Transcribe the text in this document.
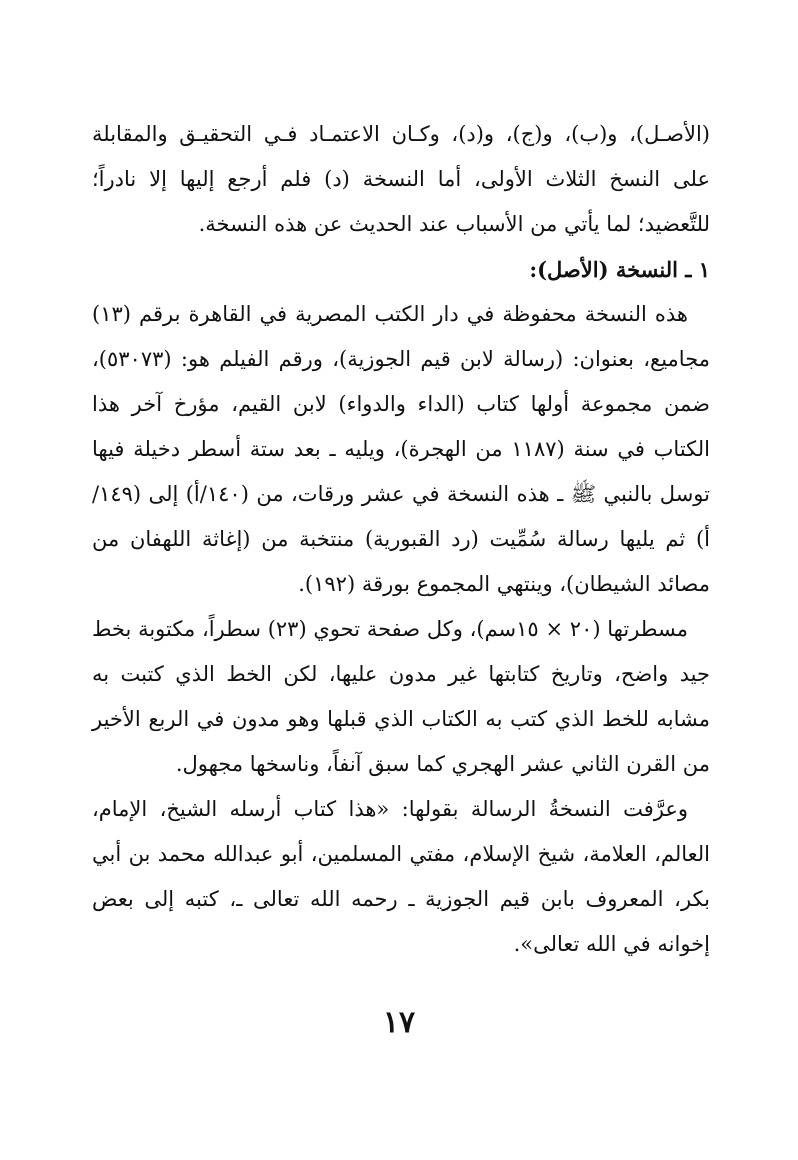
(الأصـل)، و(ب)، و(ج)، و(د)، وكـان الاعتمـاد فـي التحقيـق والمقابلة على النسخ الثلاث الأولى، أما النسخة (د) فلم أرجع إليها إلا نادراً؛ للتَّعضيد؛ لما يأتي من الأسباب عند الحديث عن هذه النسخة.

١ ـ النسخة (الأصل):

هذه النسخة محفوظة في دار الكتب المصرية في القاهرة برقم (١٣) مجاميع، بعنوان: (رسالة لابن قيم الجوزية)، ورقم الفيلم هو: (٥٣٠٧٣)، ضمن مجموعة أولها كتاب (الداء والدواء) لابن القيم، مؤرخ آخر هذا الكتاب في سنة (١١٨٧ من الهجرة)، ويليه ـ بعد ستة أسطر دخيلة فيها توسل بالنبي ﷺ ـ هذه النسخة في عشر ورقات، من (١٤٠/أ) إلى (١٤٩/أ) ثم يليها رسالة سُمِّيت (رد القبورية) منتخبة من (إغاثة اللهفان من مصائد الشيطان)، وينتهي المجموع بورقة (١٩٢).

مسطرتها (٢٠ × ١٥سم)، وكل صفحة تحوي (٢٣) سطراً، مكتوبة بخط جيد واضح، وتاريخ كتابتها غير مدون عليها، لكن الخط الذي كتبت به مشابه للخط الذي كتب به الكتاب الذي قبلها وهو مدون في الربع الأخير من القرن الثاني عشر الهجري كما سبق آنفاً، وناسخها مجهول.

وعرَّفت النسخةُ الرسالة بقولها: «هذا كتاب أرسله الشيخ، الإمام، العالم، العلامة، شيخ الإسلام، مفتي المسلمين، أبو عبدالله محمد بن أبي بكر، المعروف بابن قيم الجوزية ـ رحمه الله تعالى ـ، كتبه إلى بعض إخوانه في الله تعالى».

١٧
